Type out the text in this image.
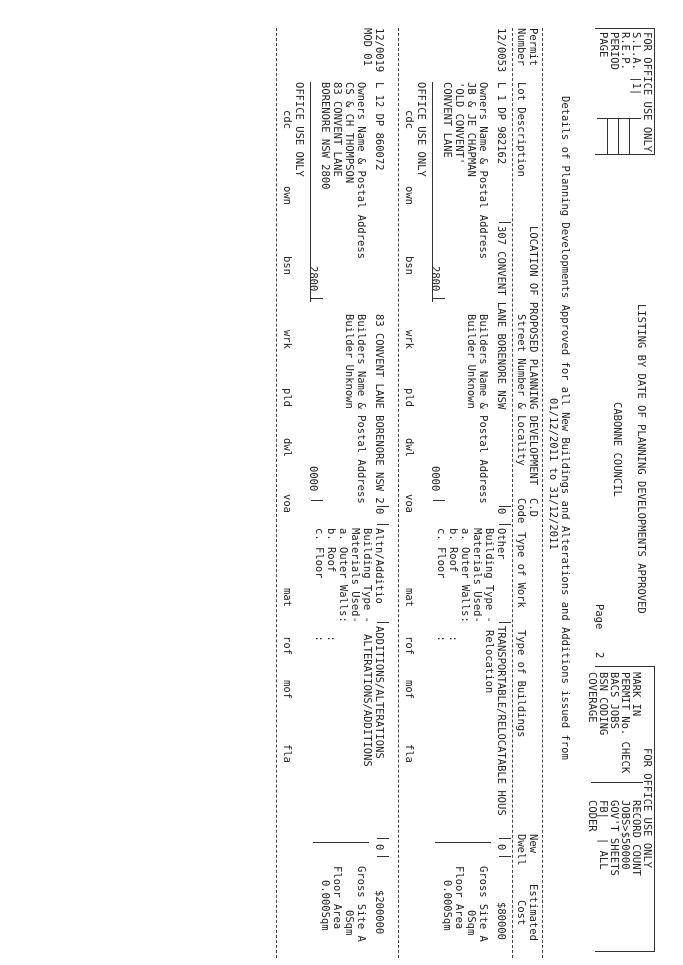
FOR OFFICE USE ONLY
S.L.A. |1|
R.E.P.
PERIOD
PAGE
LISTING BY DATE OF PLANNING DEVELOPMENTS APPROVED
CABONNE COUNCIL
Page
2
FOR OFFICE USE ONLY
MARK IN
PERMIT No. CHECK
BACS JOBS
BSN CODING
COVERAGE
RECORD COUNT
JOBS>$50000
GOV'T SHEETS
FB|   | ALL
CODER
Details of Planning Developments Approved for all New Buildings and Alterations and Additions issued from
01/12/2011 to 31/12/2011
Permit
Number
LOCATION OF PROPOSED PLANNING DEVELOPMENT
Lot Description
Street Number & Locality
C.D
Code
Type of Work
Type of Buildings
New
Dwell
Estimated
Cost
12/0053
L 1 DP 982162
307 CONVENT LANE BORENORE NSW
0
Other
TRANSPORTABLE/RELOCATABLE HOUS
Relocation
0
$80000
Owners Name & Postal Address
JB & JE CHAPMAN
'OLD CONVENT'
CONVENT LANE
2800
Builders Name & Postal Address
Builder Unknown
0000
Building Type -
Materials Used-
a. Outer Walls:
b. Roof          :
c. Floor         :
Gross Site A
0Sqm
Floor Area
0.000Sqm
OFFICE USE ONLY
cdc
own
bsn
wrk
pld
dwl
voa
mat
rof
mof
fla
12/0019
MOD 01
L 12 DP 860072
83 CONVENT LANE BORENORE NSW 2
0
Altn/Additio
ADDITIONS/ALTERATIONS
0
$200000
Owners Name & Postal Address
CS & CH THOMPSON
83 CONVENT LANE
BORENORE NSW 2800
2800
Builders Name & Postal Address
Builder Unknown
0000
Building Type -
ALTERATIONS/ADDITIONS
Materials Used-
a. Outer Walls:
b. Roof          :
c. Floor         :
Gross Site A
0Sqm
Floor Area
0.000Sqm
OFFICE USE ONLY
cdc
own
bsn
wrk
pld
dwl
voa
mat
rof
mof
fla
